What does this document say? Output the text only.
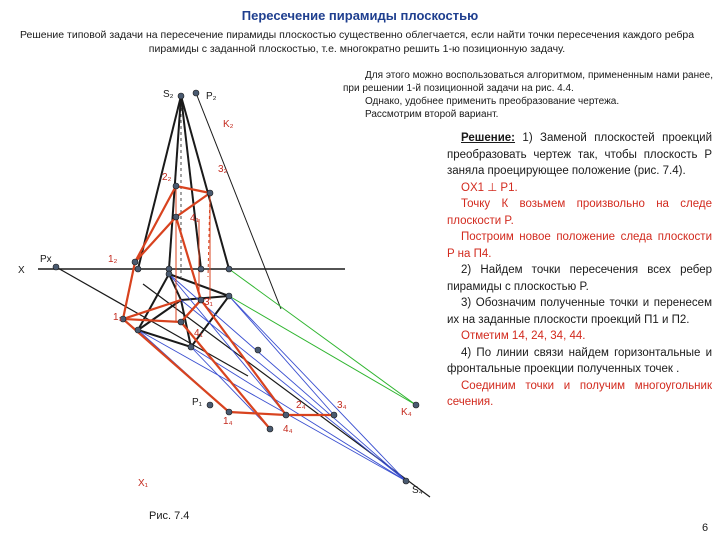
Пересечение пирамиды плоскостью
Решение типовой задачи на пересечение пирамиды плоскостью существенно облегчается, если найти точки пересечения каждого ребра пирамиды с заданной плоскостью, т.е. многократно решить 1-ю позиционную задачу.

Для этого можно воспользоваться алгоритмом, примененным нами ранее, при решении 1-й позиционной задачи на рис. 4.4.

Однако, удобнее применить преобразование чертежа.

Рассмотрим второй вариант.

Решение: 1) Заменой плоскостей проекций преобразовать чертеж так, чтобы плоскость P заняла проецирующее положение (рис. 7.4).

OX1 ⊥ P1.

Точку К возьмем произвольно на следе плоскости P.

Построим новое положение следа плоскости P на П4.

2) Найдем точки пересечения всех ребер пирамиды с плоскостью P.

3) Обозначим полученные точки и перенесем их на заданные плоскости проекций П1 и П2.

Отметим 14, 24, 34, 44.

4) По линии связи найдем горизонтальные и фронтальные проекции полученных точек .

Соединим точки и получим многоугольник сечения.

S₂	P₂
K₂
3₂
2₂
4₁
1₂
Px
X
1₁
3₁
4₁
P₁
1₄
2₄	3₄
4₄
K₄
X₁
S₄
Рис. 7.4
6
